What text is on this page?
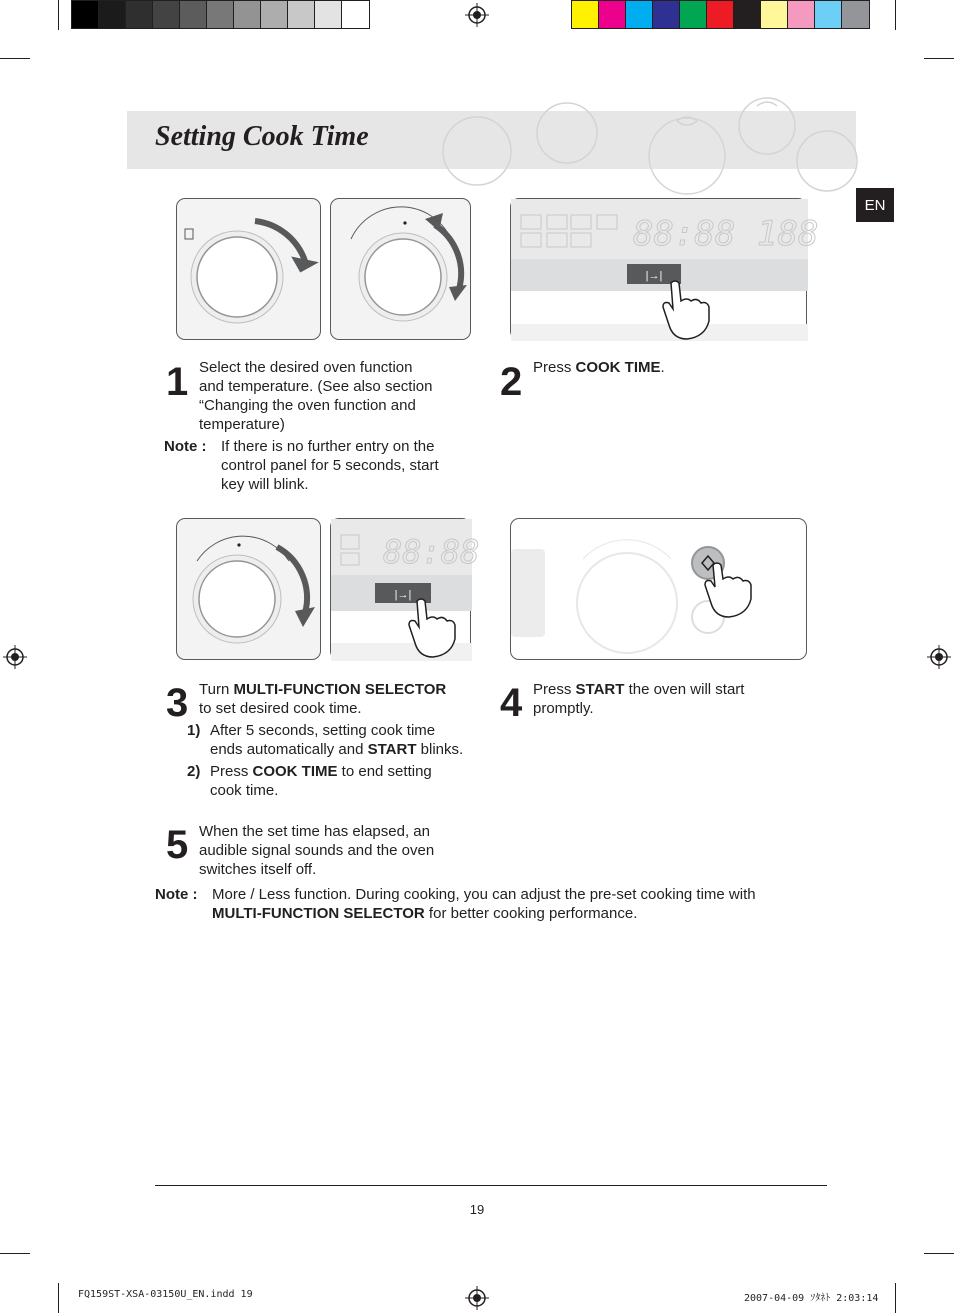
Setting Cook Time
EN
88:88 188
|→|
1 Select the desired oven function
and temperature. (See also section
“Changing the oven function and
temperature)
Note : If there is no further entry on the
control panel for 5 seconds, start
key will blink.
2 Press COOK TIME.
88:88
|→|
3 Turn MULTI-FUNCTION SELECTOR
to set desired cook time.
1) After 5 seconds, setting cook time
ends automatically and START blinks.
2) Press COOK TIME to end setting
cook time.
4 Press START the oven will start
promptly.
5 When the set time has elapsed, an
audible signal sounds and the oven
switches itself off.
Note : More / Less function. During cooking, you can adjust the pre-set cooking time with
MULTI-FUNCTION SELECTOR for better cooking performance.
19
FQ159ST-XSA-03150U_EN.indd 19	2007-04-09 ｿﾀﾈﾄ 2:03:14
